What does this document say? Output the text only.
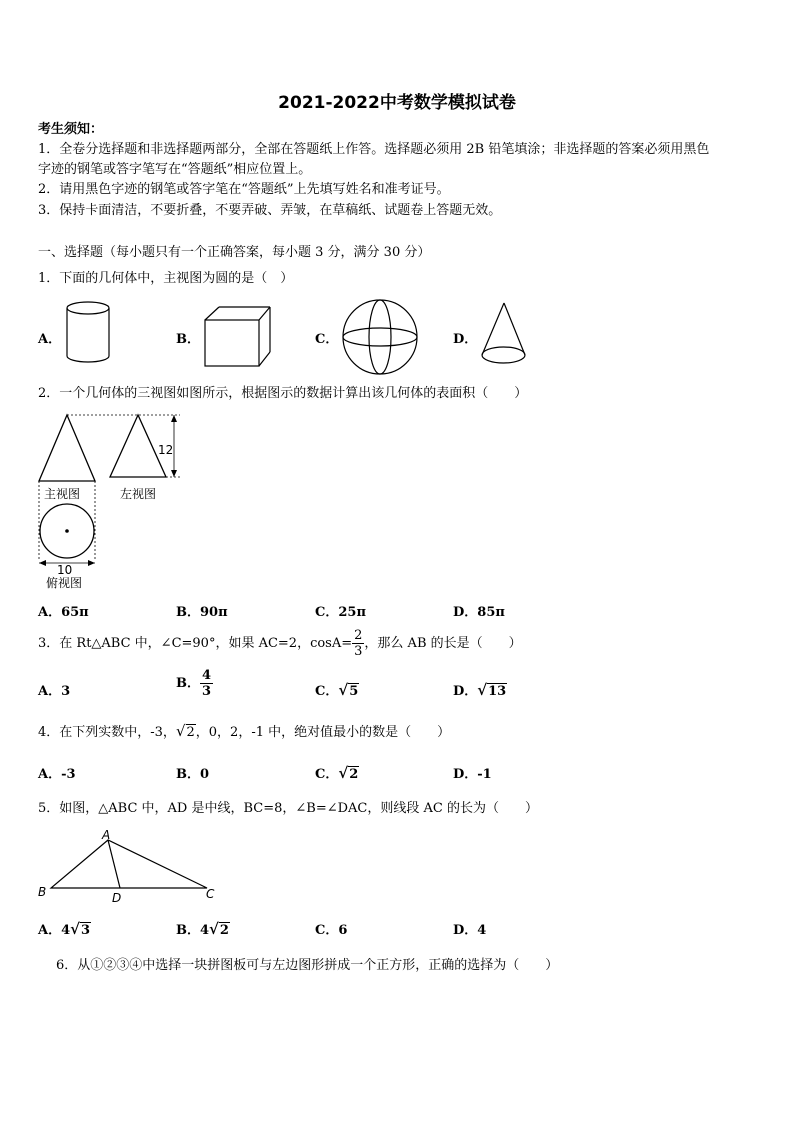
2021-2022中考数学模拟试卷
考生须知：
1．全卷分选择题和非选择题两部分，全部在答题纸上作答。选择题必须用 2B 铅笔填涂；非选择题的答案必须用黑色
字迹的钢笔或答字笔写在“答题纸”相应位置上。
2．请用黑色字迹的钢笔或答字笔在“答题纸”上先填写姓名和准考证号。
3．保持卡面清洁，不要折叠，不要弄破、弄皱，在草稿纸、试题卷上答题无效。
一、选择题（每小题只有一个正确答案，每小题 3 分，满分 30 分）
1．下面的几何体中，主视图为圆的是（　）
A．	B．	C．	D．
2．一个几何体的三视图如图所示，根据图示的数据计算出该几何体的表面积（　　）
12
主视图	左视图
10
俯视图
A．65π	B．90π	C．25π	D．85π
3．在 Rt△ABC 中，∠C=90°，如果 AC=2，$\cos A= \frac{2}{3}$ ，那么 AB 的长是（　　）
A．3
B． $\frac{4}{3}$	C．√5	D．√13
4．在下列实数中，-3，√2，0，2，-1 中，绝对值最小的数是（　　）
A．-3	B．0	C．√2	D．-1
5．如图，△ABC 中，AD 是中线，BC=8，∠B=∠DAC，则线段 AC 的长为（　　）
A
B	C
D
A．4√3	B．4√2	C．6	D．4
6．从①②③④中选择一块拼图板可与左边图形拼成一个正方形，正确的选择为（　　）
